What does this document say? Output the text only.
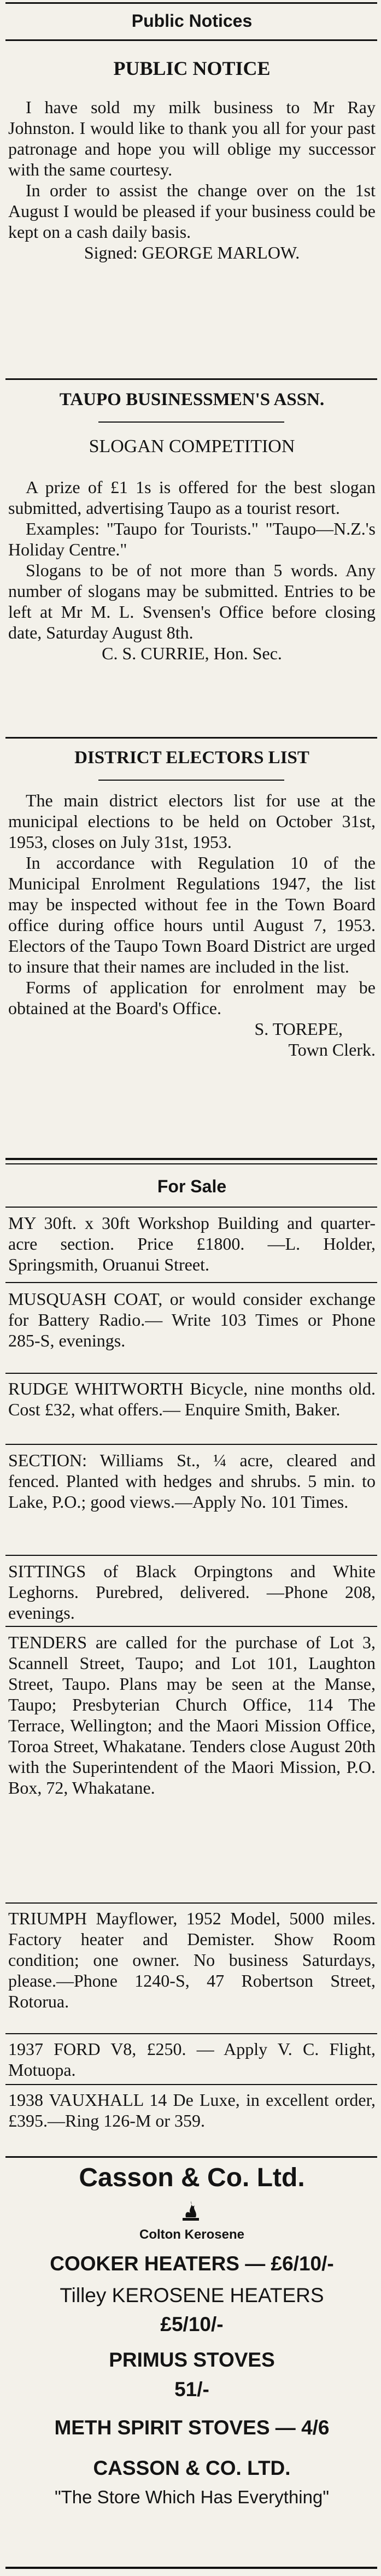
Public Notices
PUBLIC NOTICE

I have sold my milk business to Mr Ray Johnston. I would like to thank you all for your past patronage and hope you will oblige my successor with the same courtesy.

In order to assist the change over on the 1st August I would be pleased if your business could be kept on a cash daily basis.

Signed: GEORGE MARLOW.

TAUPO BUSINESSMEN'S ASSN.
SLOGAN COMPETITION

A prize of £1 1s is offered for the best slogan submitted, advertising Taupo as a tourist resort.

Examples: "Taupo for Tourists." "Taupo—N.Z.'s Holiday Centre."

Slogans to be of not more than 5 words. Any number of slogans may be submitted. Entries to be left at Mr M. L. Svensen's Office before closing date, Saturday August 8th.

C. S. CURRIE, Hon. Sec.

DISTRICT ELECTORS LIST

The main district electors list for use at the municipal elections to be held on October 31st, 1953, closes on July 31st, 1953.

In accordance with Regulation 10 of the Municipal Enrolment Regulations 1947, the list may be inspected without fee in the Town Board office during office hours until August 7, 1953. Electors of the Taupo Town Board District are urged to insure that their names are included in the list.

Forms of application for enrolment may be obtained at the Board's Office.

S. TOREPE,

Town Clerk.

For Sale

MY 30ft. x 30ft Workshop Building and quarter-acre section. Price £1800. —L. Holder, Springsmith, Oruanui Street.

MUSQUASH COAT, or would consider exchange for Battery Radio.— Write 103 Times or Phone 285-S, evenings.

RUDGE WHITWORTH Bicycle, nine months old. Cost £32, what offers.— Enquire Smith, Baker.

SECTION: Williams St., ¼ acre, cleared and fenced. Planted with hedges and shrubs. 5 min. to Lake, P.O.; good views.—Apply No. 101 Times.

SITTINGS of Black Orpingtons and White Leghorns. Purebred, delivered. —Phone 208, evenings.

TENDERS are called for the purchase of Lot 3, Scannell Street, Taupo; and Lot 101, Laughton Street, Taupo. Plans may be seen at the Manse, Taupo; Presbyterian Church Office, 114 The Terrace, Wellington; and the Maori Mission Office, Toroa Street, Whakatane. Tenders close August 20th with the Superintendent of the Maori Mission, P.O. Box, 72, Whakatane.

TRIUMPH Mayflower, 1952 Model, 5000 miles. Factory heater and Demister. Show Room condition; one owner. No business Saturdays, please.—Phone 1240-S, 47 Robertson Street, Rotorua.

1937 FORD V8, £250. — Apply V. C. Flight, Motuopa.

1938 VAUXHALL 14 De Luxe, in excellent order, £395.—Ring 126-M or 359.

Casson & Co. Ltd.
Colton Kerosene
COOKER HEATERS — £6/10/-
Tilley KEROSENE HEATERS
£5/10/-
PRIMUS STOVES
51/-
METH SPIRIT STOVES — 4/6
CASSON & CO. LTD.
"The Store Which Has Everything"
